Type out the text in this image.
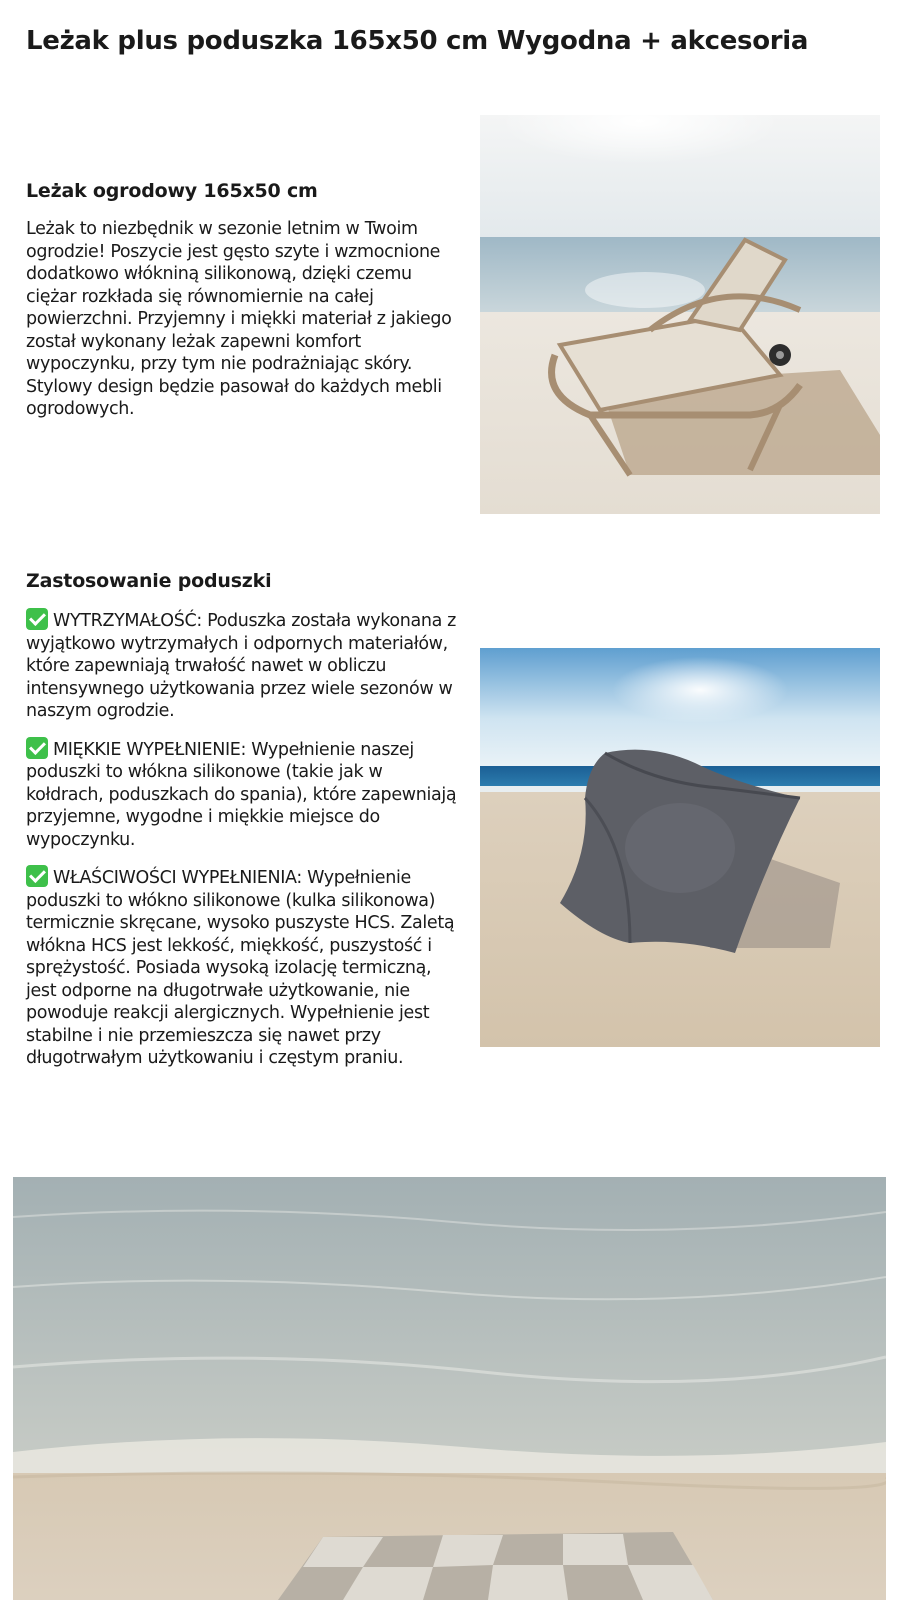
Leżak plus poduszka 165x50 cm Wygodna + akcesoria
Leżak ogrodowy 165x50 cm

Leżak to niezbędnik w sezonie letnim w Twoim ogrodzie! Poszycie jest gęsto szyte i wzmocnione dodatkowo włókniną silikonową, dzięki czemu ciężar rozkłada się równomiernie na całej powierzchni. Przyjemny i miękki materiał z jakiego został wykonany leżak zapewni komfort wypoczynku, przy tym nie podrażniając skóry. Stylowy design będzie pasował do każdych mebli ogrodowych.

Zastosowanie poduszki

WYTRZYMAŁOŚĆ: Poduszka została wykonana z wyjątkowo wytrzymałych i odpornych materiałów, które zapewniają trwałość nawet w obliczu intensywnego użytkowania przez wiele sezonów w naszym ogrodzie.

MIĘKKIE WYPEŁNIENIE: Wypełnienie naszej poduszki to włókna silikonowe (takie jak w kołdrach, poduszkach do spania), które zapewniają przyjemne, wygodne i miękkie miejsce do wypoczynku.

WŁAŚCIWOŚCI WYPEŁNIENIA: Wypełnienie poduszki to włókno silikonowe (kulka silikonowa) termicznie skręcane, wysoko puszyste HCS. Zaletą włókna HCS jest lekkość, miękkość, puszystość i sprężystość. Posiada wysoką izolację termiczną, jest odporne na długotrwałe użytkowanie, nie powoduje reakcji alergicznych. Wypełnienie jest stabilne i nie przemieszcza się nawet przy długotrwałym użytkowaniu i częstym praniu.
